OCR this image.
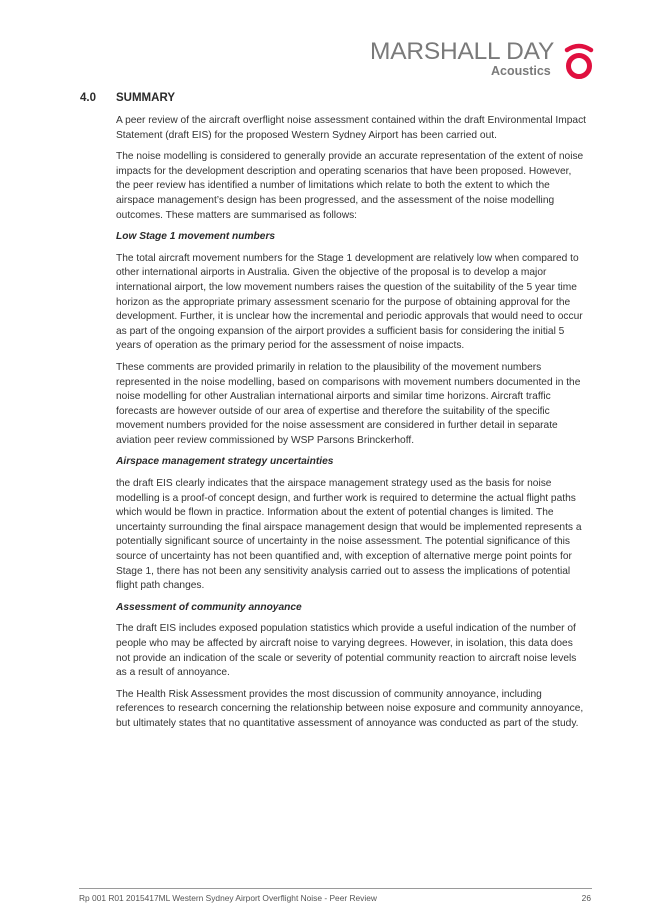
MARSHALL DAY
Acoustics
4.0 SUMMARY

A peer review of the aircraft overflight noise assessment contained within the draft Environmental Impact Statement (draft EIS) for the proposed Western Sydney Airport has been carried out.

The noise modelling is considered to generally provide an accurate representation of the extent of noise impacts for the development description and operating scenarios that have been proposed. However, the peer review has identified a number of limitations which relate to both the extent to which the airspace management’s design has been progressed, and the assessment of the noise modelling outcomes. These matters are summarised as follows:

Low Stage 1 movement numbers

The total aircraft movement numbers for the Stage 1 development are relatively low when compared to other international airports in Australia. Given the objective of the proposal is to develop a major international airport, the low movement numbers raises the question of the suitability of the 5 year time horizon as the appropriate primary assessment scenario for the purpose of obtaining approval for the development. Further, it is unclear how the incremental and periodic approvals that would need to occur as part of the ongoing expansion of the airport provides a sufficient basis for considering the initial 5 years of operation as the primary period for the assessment of noise impacts.

These comments are provided primarily in relation to the plausibility of the movement numbers represented in the noise modelling, based on comparisons with movement numbers documented in the noise modelling for other Australian international airports and similar time horizons. Aircraft traffic forecasts are however outside of our area of expertise and therefore the suitability of the specific movement numbers provided for the noise assessment are considered in further detail in separate aviation peer review commissioned by WSP Parsons Brinckerhoff.

Airspace management strategy uncertainties

the draft EIS clearly indicates that the airspace management strategy used as the basis for noise modelling is a proof-of concept design, and further work is required to determine the actual flight paths which would be flown in practice. Information about the extent of potential changes is limited. The uncertainty surrounding the final airspace management design that would be implemented represents a potentially significant source of uncertainty in the noise assessment. The potential significance of this source of uncertainty has not been quantified and, with exception of alternative merge point points for Stage 1, there has not been any sensitivity analysis carried out to assess the implications of potential flight path changes.

Assessment of community annoyance

The draft EIS includes exposed population statistics which provide a useful indication of the number of people who may be affected by aircraft noise to varying degrees. However, in isolation, this data does not provide an indication of the scale or severity of potential community reaction to aircraft noise levels as a result of annoyance.

The Health Risk Assessment provides the most discussion of community annoyance, including references to research concerning the relationship between noise exposure and community annoyance, but ultimately states that no quantitative assessment of annoyance was conducted as part of the study.

Rp 001 R01 2015417ML Western Sydney Airport Overflight Noise - Peer Review	26
